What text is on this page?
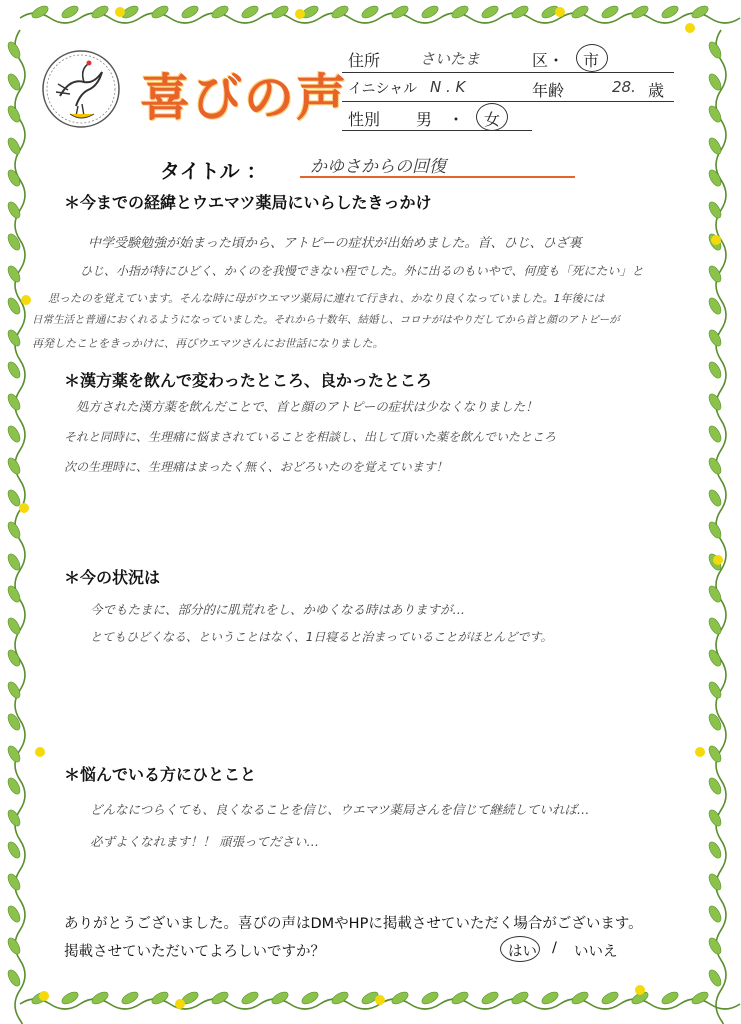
喜びの声
住所	さいたま	区・ 市
イニシャル N . K	年齢	28. 歳
性別 男 ・ 女
タイトル ：	かゆさからの回復
＊今までの経緯とウエマツ薬局にいらしたきっかけ
中学受験勉強が始まった頃から、アトピーの症状が出始めました。首、ひじ、ひざ裏
ひじ、小指が特にひどく、かくのを我慢できない程でした。外に出るのもいやで、何度も「死にたい」と
思ったのを覚えています。そんな時に母がウエマツ薬局に連れて行きれ、かなり良くなっていました。1年後には
日常生活と普通におくれるようになっていました。それから十数年、結婚し、コロナがはやりだしてから首と顔のアトピーが
再発したことをきっかけに、再びウエマツさんにお世話になりました。
＊漢方薬を飲んで変わったところ、良かったところ
処方された漢方薬を飲んだことで、首と顔のアトピーの症状は少なくなりました！
それと同時に、生理痛に悩まされていることを相談し、出して頂いた薬を飲んでいたところ
次の生理時に、生理痛はまったく無く、おどろいたのを覚えています！
＊今の状況は
今でもたまに、部分的に肌荒れをし、かゆくなる時はありますが…
とてもひどくなる、ということはなく、1日寝ると治まっていることがほとんどです。
＊悩んでいる方にひとこと
どんなにつらくても、良くなることを信じ、ウエマツ薬局さんを信じて継続していれば…
必ずよくなれます！！ 頑張ってださい…
ありがとうございました。喜びの声はDMやHPに掲載させていただく場合がございます。
掲載させていただいてよろしいですか？	はい / いいえ
